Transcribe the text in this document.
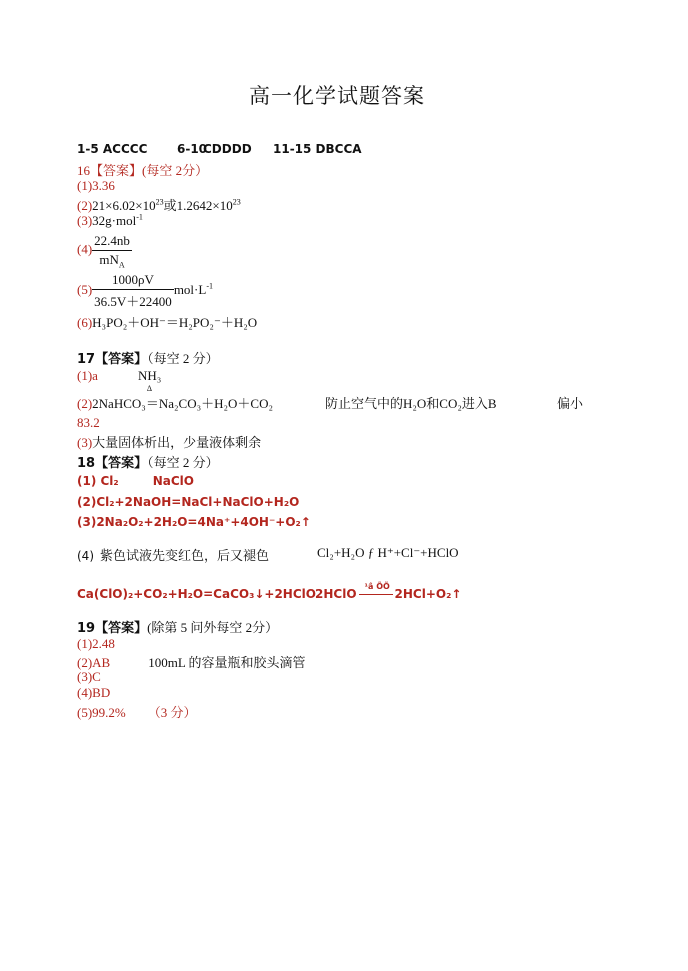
高一化学试题答案
1-5 ACCCC 6-10
CDDDD 11-15 DBCCA
16【答案】(每空 2分）
(1)3.36
$(2)21\times 6.02\times 10^{23}$或$1.2642\times 10^{23}$
(3)32g·mol$^{-1}$
$(4) \frac{22.4nb}{mN_A}$
$(5) \frac{1000\rho V}{36.5V+22400} mol\cdot L^{-1}$
(6)H₃PO₂＋OH⁻＝H₂PO₂⁻＋H₂O
17【答案】（每空 2 分）
(1)a	NH₃
(2)2NaHCO₃
Δ
＝Na₂CO₃＋H₂O＋CO₂	防止空气中的H₂O和CO₂进入B	偏小
83.2
(3)大量固体析出，少量液体剩余
18【答案】（每空 2 分）
(1) Cl₂	NaClO
(2)Cl₂+2NaOH=NaCl+NaClO+H₂O
(3)2Na₂O₂+2H₂O=4Na⁺+4OH⁻+O₂↑
(4) 紫色试液先变红色，后又褪色	Cl₂+H₂O ƒ H⁺+Cl⁻+HClO
Ca(ClO)₂+CO₂+H₂O=CaCO₃↓+2HClO 2HClO
¹â ÕÕ
2HCl+O₂↑
19【答案】(除第 5 问外每空 2分）
(1)2.48
(2)AB	100mL 的容量瓶和胶头滴管
(3)C
(4)BD
(5)99.2% （3 分）
